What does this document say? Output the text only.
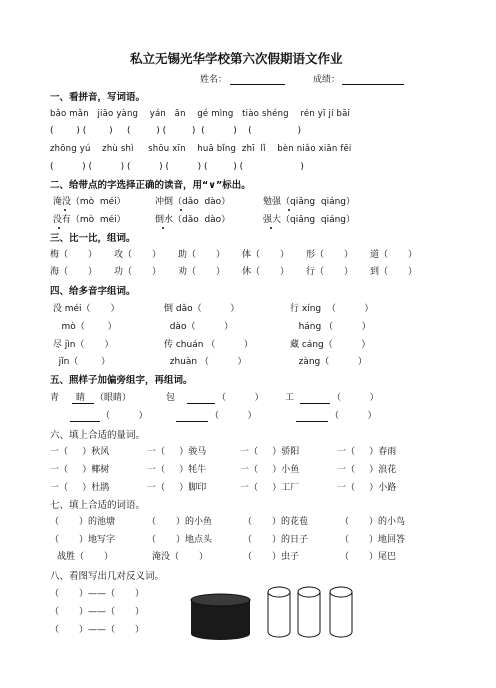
私立无锡光华学校第六次假期语文作业
姓名：	成绩：
一、看拼音，写词语。
bǎo mǎn   jiāo yàng    yán   ān    gé mìng   tiào shéng    rén yī jí bāi
(        ) (        )     (         ) (         )  (          )    (                )
zhōng yú    zhù shì     shōu xīn    huā bǐng  zhī  lǐ    bèn niǎo xiān fēi
(          ) (          ) (          ) (          ) (         ) (                    )
二、给带点的字选择正确的读音，用“∨”标出。
淹没（mò  méi）	冲倒（dǎo  dào）	勉强（qiǎng  qiáng）
没有（mò  méi）	倒水（dǎo  dào）	强大（qiǎng  qiáng）
三、比一比，组词。
梅（       ） 攻（       ） 助（       ） 体（       ） 形（       ） 道（       ）
海（       ） 功（       ） 劝（       ） 休（       ） 行（       ） 到（       ）
四、给多音字组词。
没 méi（       ）	倒 dǎo（          ）	行 xíng  （          ）
mò（        ）	dào（          ）	háng （          ）
尽 jìn（       ）	传 chuán （          ）	藏 cáng（          ）
jǐn（        ）	zhuàn （          ）	zàng（          ）
五、照样子加偏旁组字，再组词。
青 睛 （眼睛）	包	（          ） 工	（          ）
（          ）	（          ）	（          ）
六、填上合适的量词。
一（     ）秋风	一（     ）骏马	一（     ）骄阳	一（     ）春雨
一（     ）椰树	一（     ）牦牛	一（     ）小鱼	一（     ）浪花
一（     ）杜鹃	一（     ）脚印	一（     ）工厂	一（     ）小路
七、填上合适的词语。
（       ）的池塘	（       ）的小鱼	（       ）的花苞	（       ）的小鸟
（       ）地写字	（       ）地点头	（       ）的日子	（       ）地回答
战胜（       ）	淹没（       ）	（       ）虫子	（       ）尾巴
八、看图写出几对反义词。
（       ）——（       ）
（       ）——（       ）
（       ）——（       ）
